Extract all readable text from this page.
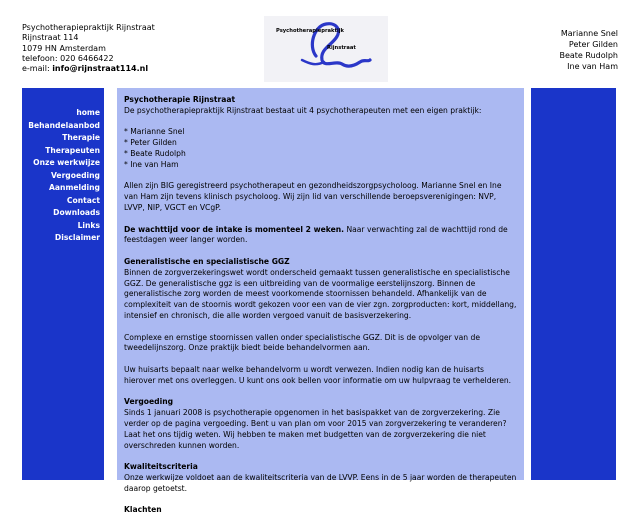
Psychotherapiepraktijk Rijnstraat
Rijnstraat 114
1079 HN Amsterdam
telefoon: 020 6466422
e-mail: info@rijnstraat114.nl
Psychotherapiepraktijk
Rijnstraat
Marianne Snel
Peter Gilden
Beate Rudolph
Ine van Ham
home
Behandelaanbod
Therapie
Therapeuten
Onze werkwijze
Vergoeding
Aanmelding
Contact
Downloads
Links
Disclaimer
Psychotherapie Rijnstraat

De psychotherapiepraktijk Rijnstraat bestaat uit 4 psychotherapeuten met een eigen praktijk:

* Marianne Snel
* Peter Gilden
* Beate Rudolph
* Ine van Ham

Allen zijn BIG geregistreerd psychotherapeut en gezondheidszorgpsycholoog. Marianne Snel en Ine van Ham zijn tevens klinisch psycholoog. Wij zijn lid van verschillende beroepsverenigingen: NVP, LVVP, NIP, VGCT en VCgP.

De wachttijd voor de intake is momenteel 2 weken. Naar verwachting zal de wachttijd rond de feestdagen weer langer worden.

Generalistische en specialistische GGZ

Binnen de zorgverzekeringswet wordt onderscheid gemaakt tussen generalistische en specialistische GGZ. De generalistische ggz is een uitbreiding van de voormalige eerstelijnszorg. Binnen de generalistische zorg worden de meest voorkomende stoornissen behandeld. Afhankelijk van de complexiteit van de stoornis wordt gekozen voor een van de vier zgn. zorgproducten: kort, middellang, intensief en chronisch, die alle worden vergoed vanuit de basisverzekering.

Complexe en ernstige stoornissen vallen onder specialistische GGZ. Dit is de opvolger van de tweedelijnszorg. Onze praktijk biedt beide behandelvormen aan.

Uw huisarts bepaalt naar welke behandelvorm u wordt verwezen. Indien nodig kan de huisarts hierover met ons overleggen. U kunt ons ook bellen voor informatie om uw hulpvraag te verhelderen.

Vergoeding

Sinds 1 januari 2008 is psychotherapie opgenomen in het basispakket van de zorgverzekering. Zie verder op de pagina vergoeding. Bent u van plan om voor 2015 van zorgverzekering te veranderen? Laat het ons tijdig weten. Wij hebben te maken met budgetten van de zorgverzekering die niet overschreden kunnen worden.

Kwaliteitscriteria

Onze werkwijze voldoet aan de kwaliteitscriteria van de LVVP. Eens in de 5 jaar worden de therapeuten daarop getoetst.

Klachten
